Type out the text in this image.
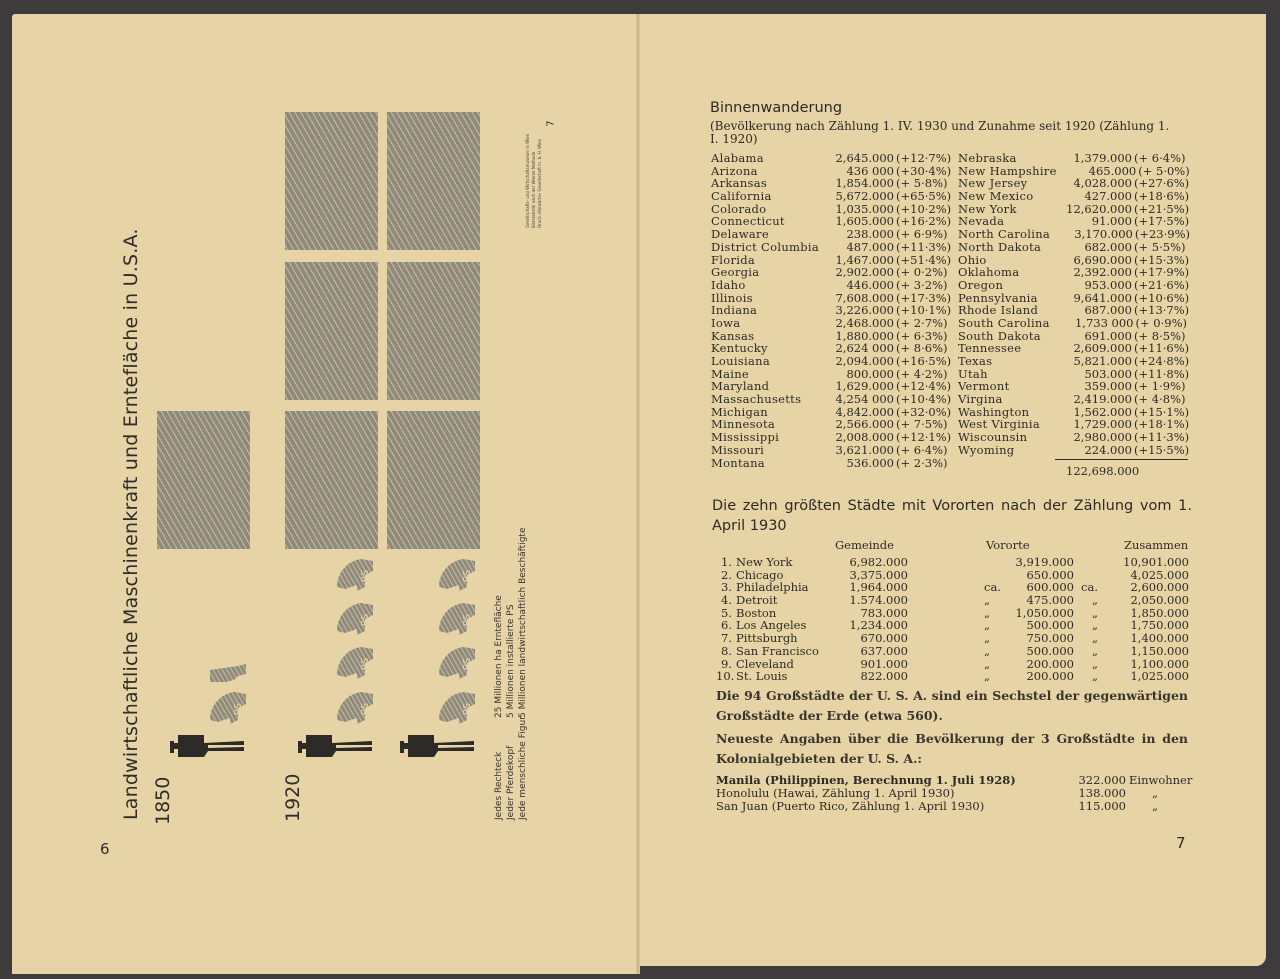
Landwirtschaftliche Maschinenkraft und Erntefläche in U.S.A. 1850	1920
PS	PS
PS
PS
PS
PS
PS
PS
PS
Jedes Rechteck
25 Millionen ha Erntefläche
Jeder Pferdekopf
5 Millionen installierte PS
Jede menschliche Figur
5 Millionen landwirtschaftlich Beschäftigte
Gesellschafts- und Wirtschaftsmuseum in Wien Bildstatistik nach der Wiener Methode Druck »Vorwärts« Gesellschaft m. b. H. Wien
7
6
Binnenwanderung
(Bevölkerung nach Zählung 1. IV. 1930 und Zunahme seit 1920 (Zählung 1. I. 1920)
Alabama	2,645.000 (+12·7%)
Arizona	436 000 (+30·4%)
Arkansas	1,854.000 (+ 5·8%)
California	5,672.000 (+65·5%)
Colorado	1,035.000 (+10·2%)
Connecticut	1,605.000 (+16·2%)
Delaware	238.000 (+ 6·9%)
District Columbia	487.000 (+11·3%)
Florida	1,467.000 (+51·4%)
Georgia	2,902.000 (+ 0·2%)
Idaho	446.000 (+ 3·2%)
Illinois	7,608.000 (+17·3%)
Indiana	3,226.000 (+10·1%)
Iowa	2,468.000 (+ 2·7%)
Kansas	1,880.000 (+ 6·3%)
Kentucky	2,624 000 (+ 8·6%)
Louisiana	2,094.000 (+16·5%)
Maine	800.000 (+ 4·2%)
Maryland	1,629.000 (+12·4%)
Massachusetts	4,254 000 (+10·4%)
Michigan	4,842.000 (+32·0%)
Minnesota	2,566.000 (+ 7·5%)
Mississippi	2,008.000 (+12·1%)
Missouri	3,621.000 (+ 6·4%)
Montana	536.000 (+ 2·3%)
Nebraska	1,379.000 (+ 6·4%)
New Hampshire	465.000 (+ 5·0%)
New Jersey	4,028.000 (+27·6%)
New Mexico	427.000 (+18·6%)
New York	12,620.000 (+21·5%)
Nevada	91.000 (+17·5%)
North Carolina	3,170.000 (+23·9%)
North Dakota	682.000 (+ 5·5%)
Ohio	6,690.000 (+15·3%)
Oklahoma	2,392.000 (+17·9%)
Oregon	953.000 (+21·6%)
Pennsylvania	9,641.000 (+10·6%)
Rhode Island	687.000 (+13·7%)
South Carolina	1,733 000 (+ 0·9%)
South Dakota	691.000 (+ 8·5%)
Tennessee	2,609.000 (+11·6%)
Texas	5,821.000 (+24·8%)
Utah	503.000 (+11·8%)
Vermont	359.000 (+ 1·9%)
Virgina	2,419.000 (+ 4·8%)
Washington	1,562.000 (+15·1%)
West Virginia	1,729.000 (+18·1%)
Wiscounsin	2,980.000 (+11·3%)
Wyoming	224.000 (+15·5%)
122,698.000
Die zehn größten Städte mit Vororten nach der Zählung vom 1. April 1930
Gemeinde	Vororte	Zusammen
1. New York	6,982.000	3,919.000	10,901.000
2. Chicago	3,375.000	650.000	4,025.000
3. Philadelphia	1,964.000	ca.	600.000 ca.	2,600.000
4. Detroit	1.574.000	„	475.000	„	2,050.000
5. Boston	783.000	„	1,050.000	„	1,850.000
6. Los Angeles	1,234.000	„	500.000	„	1,750.000
7. Pittsburgh	670.000	„	750.000	„	1,400.000
8. San Francisco	637.000	„	500.000	„	1,150.000
9. Cleveland	901.000	„	200.000	„	1,100.000
10. St. Louis	822.000	„	200.000	„	1,025.000
Die 94 Großstädte der U. S. A. sind ein Sechstel der gegenwärtigen Großstädte der Erde (etwa 560).
Neueste Angaben über die Bevölkerung der 3 Großstädte in den Kolonialgebieten der U. S. A.:
Manila (Philippinen, Berechnung 1. Juli 1928)	322.000 Einwohner
Honolulu (Hawai, Zählung 1. April 1930)	138.000 „
San Juan (Puerto Rico, Zählung 1. April 1930)	115.000 „
7
